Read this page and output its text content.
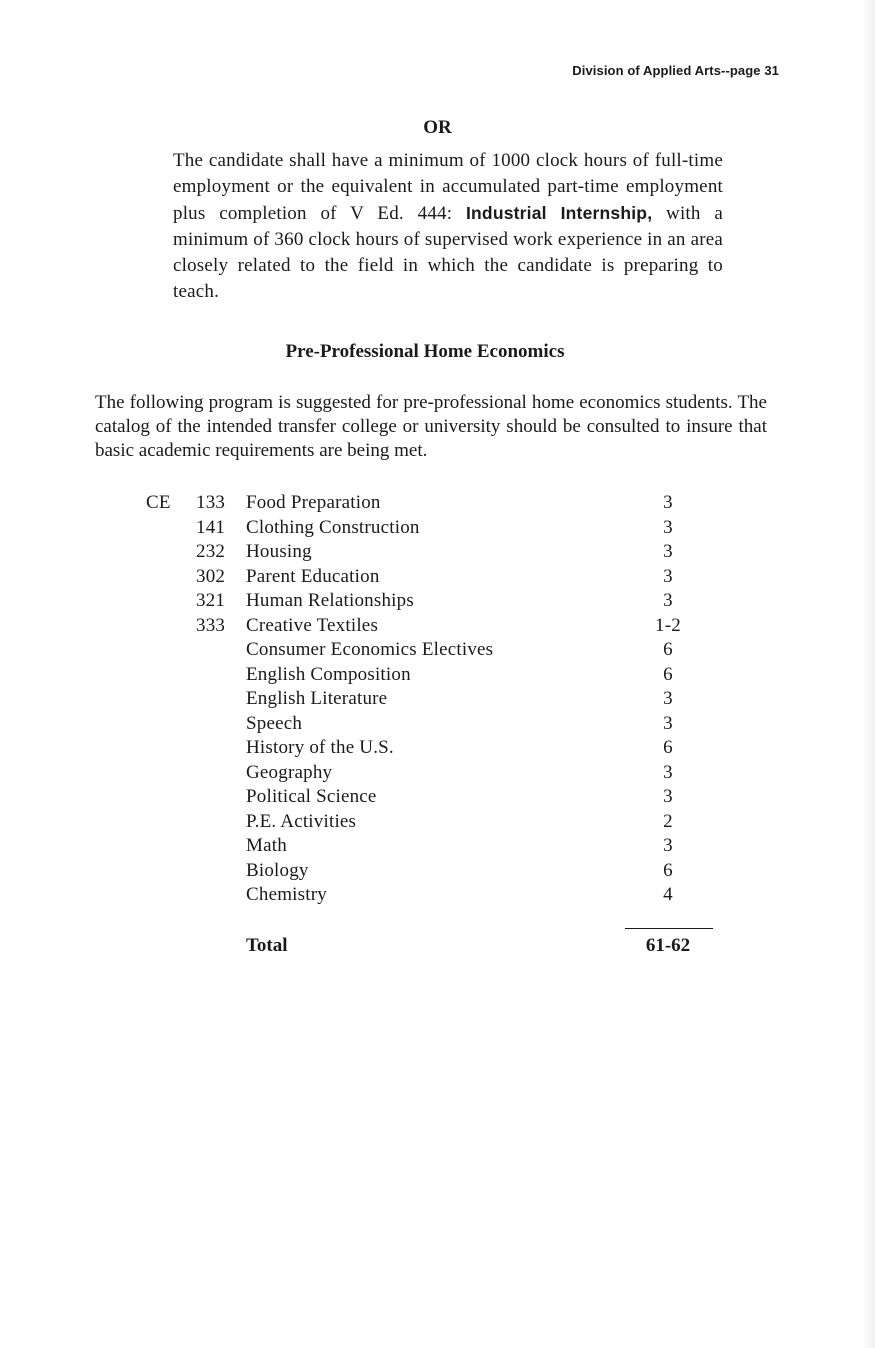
Division of Applied Arts--page 31
OR
The candidate shall have a minimum of 1000 clock hours of full-time employment or the equivalent in accumulated part-time employment plus completion of V Ed. 444: Industrial Internship, with a minimum of 360 clock hours of supervised work experience in an area closely related to the field in which the candidate is preparing to teach.
Pre-Professional Home Economics
The following program is suggested for pre-professional home economics students. The catalog of the intended transfer college or university should be consulted to insure that basic academic requirements are being met.
CE 133	Food Preparation	3
141	Clothing Construction	3
232	Housing	3
302	Parent Education	3
321	Human Relationships	3
333	Creative Textiles	1-2
Consumer Economics Electives	6
English Composition	6
English Literature	3
Speech	3
History of the U.S.	6
Geography	3
Political Science	3
P.E. Activities	2
Math	3
Biology	6
Chemistry	4
Total	61-62
